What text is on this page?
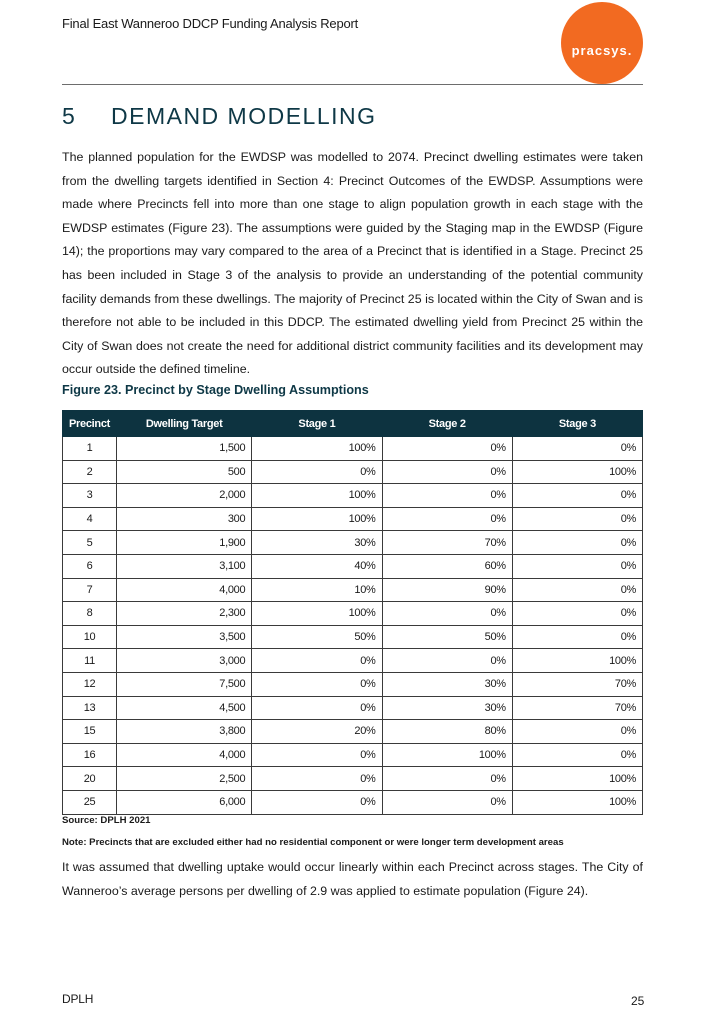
Final East Wanneroo DDCP Funding Analysis Report
pracsys.
5 DEMAND MODELLING

The planned population for the EWDSP was modelled to 2074. Precinct dwelling estimates were taken from the dwelling targets identified in Section 4: Precinct Outcomes of the EWDSP. Assumptions were made where Precincts fell into more than one stage to align population growth in each stage with the EWDSP estimates (Figure 23). The assumptions were guided by the Staging map in the EWDSP (Figure 14); the proportions may vary compared to the area of a Precinct that is identified in a Stage. Precinct 25 has been included in Stage 3 of the analysis to provide an understanding of the potential community facility demands from these dwellings. The majority of Precinct 25 is located within the City of Swan and is therefore not able to be included in this DDCP. The estimated dwelling yield from Precinct 25 within the City of Swan does not create the need for additional district community facilities and its development may occur outside the defined timeline.

Figure 23. Precinct by Stage Dwelling Assumptions

Precinct	Dwelling Target	Stage 1	Stage 2	Stage 3
1	1,500	100%	0%	0%
2	500	0%	0%	100%
3	2,000	100%	0%	0%
4	300	100%	0%	0%
5	1,900	30%	70%	0%
6	3,100	40%	60%	0%
7	4,000	10%	90%	0%
8	2,300	100%	0%	0%
10	3,500	50%	50%	0%
11	3,000	0%	0%	100%
12	7,500	0%	30%	70%
13	4,500	0%	30%	70%
15	3,800	20%	80%	0%
16	4,000	0%	100%	0%
20	2,500	0%	0%	100%
25	6,000	0%	0%	100%

Source: DPLH 2021

Note: Precincts that are excluded either had no residential component or were longer term development areas

It was assumed that dwelling uptake would occur linearly within each Precinct across stages. The City of Wanneroo’s average persons per dwelling of 2.9 was applied to estimate population (Figure 24).

DPLH	25
